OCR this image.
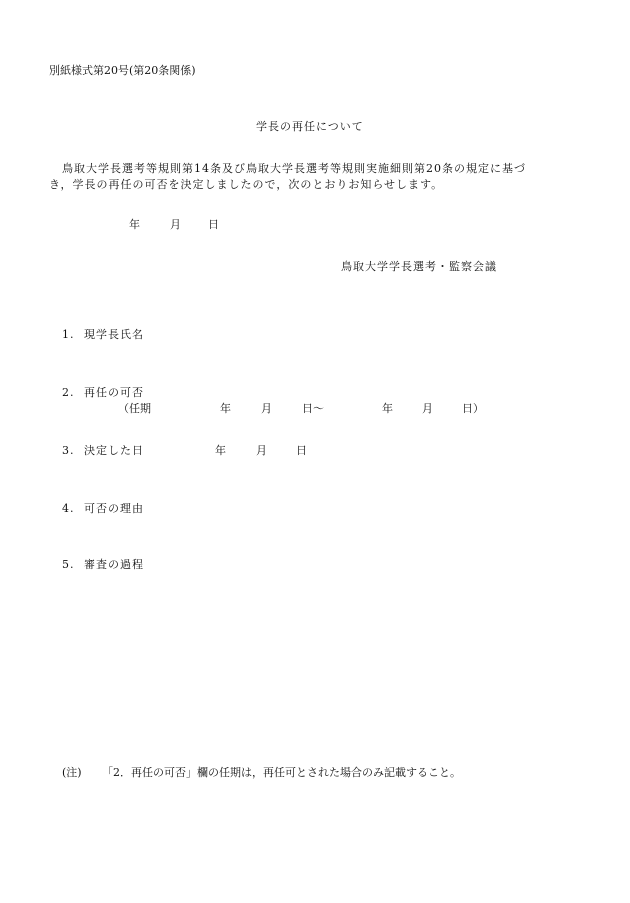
別紙様式第20号(第20条関係)
学長の再任について
鳥取大学長選考等規則第14条及び鳥取大学長選考等規則実施細則第20条の規定に基づ
き，学長の再任の可否を決定しましたので，次のとおりお知らせします。
年	月 日
鳥取大学学長選考・監察会議
1. 現学長氏名
2. 再任の可否
（任期	年	月	日～	年	月	日）
3. 決定した日	年	月	日
4. 可否の理由
5. 審査の過程
(注) 「2．再任の可否」欄の任期は，再任可とされた場合のみ記載すること。
